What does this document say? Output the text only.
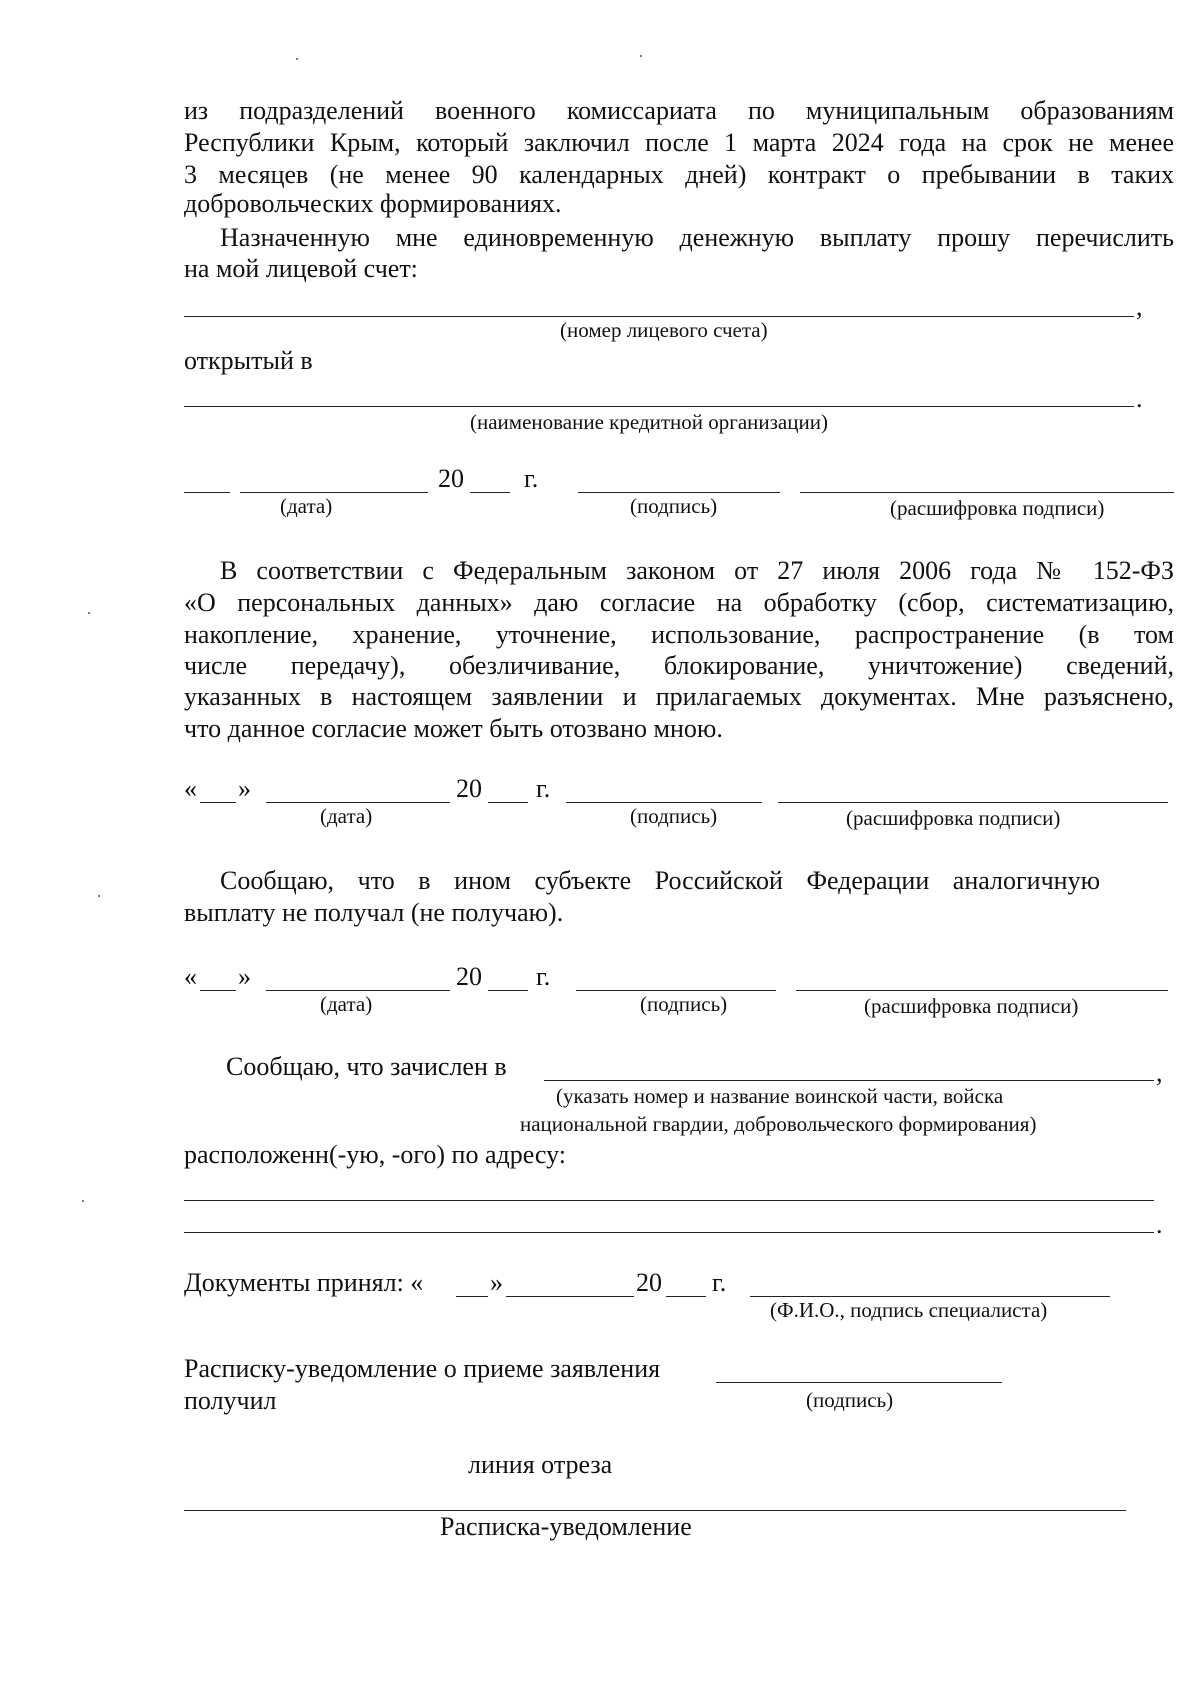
из подразделений военного комиссариата по муниципальным образованиям
Республики Крым, который заключил после 1 марта 2024 года на срок не менее
3 месяцев (не менее 90 календарных дней) контракт о пребывании в таких
добровольческих формированиях.
Назначенную мне единовременную денежную выплату прошу перечислить
на мой лицевой счет:
,
(номер лицевого счета)
открытый в
.
(наименование кредитной организации)
20 г.
(дата)	(подпись)	(расшифровка подписи)
В соответствии с Федеральным законом от 27 июля 2006 года № 152-ФЗ
«О персональных данных» даю согласие на обработку (сбор, систематизацию,
накопление, хранение, уточнение, использование, распространение (в том
числе передачу), обезличивание, блокирование, уничтожение) сведений,
указанных в настоящем заявлении и прилагаемых документах. Мне разъяснено,
что данное согласие может быть отозвано мною.
« »	20 г.
(дата)	(подпись)	(расшифровка подписи)
Сообщаю, что в ином субъекте Российской Федерации аналогичную
выплату не получал (не получаю).
« »	20 г.
(дата)	(подпись)	(расшифровка подписи)
Сообщаю, что зачислен в	,
(указать номер и название воинской части, войска
национальной гвардии, добровольческого формирования)
расположенн(-ую, -ого) по адресу:
.
Документы принял: «	»	20 г.
(Ф.И.О., подпись специалиста)
Расписку-уведомление о приеме заявления
получил	(подпись)
линия отреза
Расписка-уведомление
